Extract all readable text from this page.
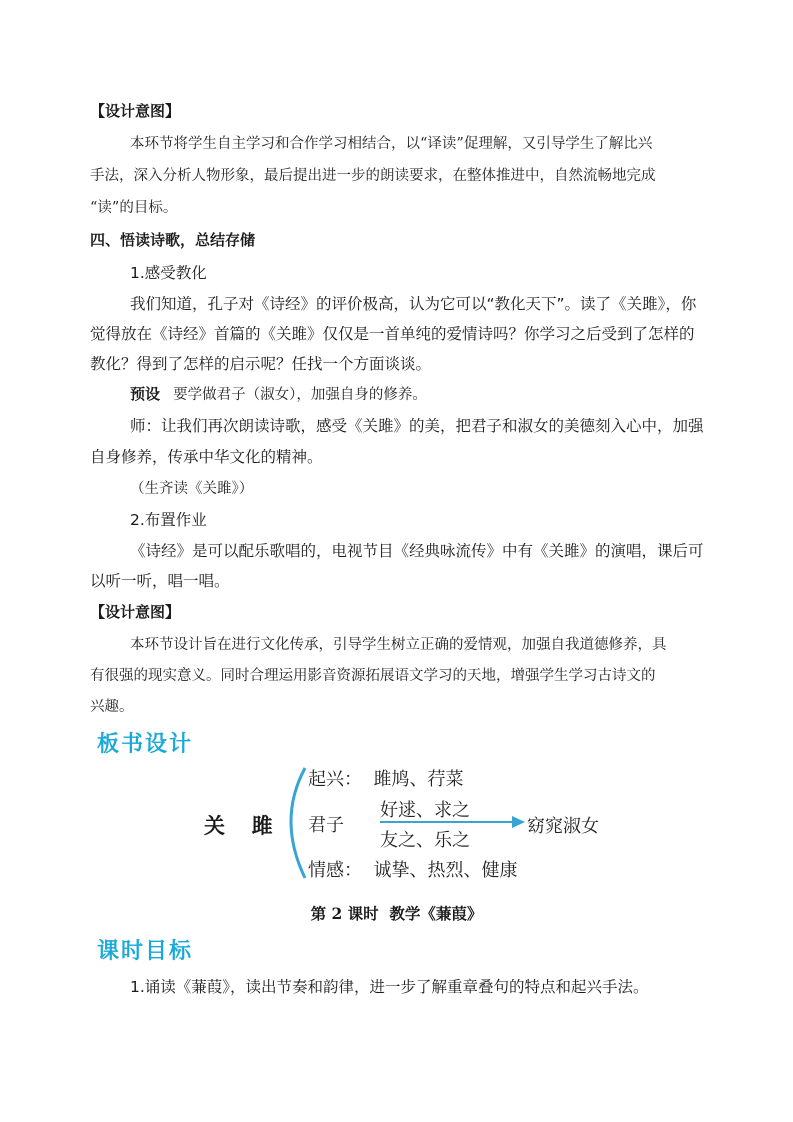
【设计意图】
本环节将学生自主学习和合作学习相结合，以“译读”促理解，又引导学生了解比兴
手法，深入分析人物形象，最后提出进一步的朗读要求，在整体推进中，自然流畅地完成
“读”的目标。
四、悟读诗歌，总结存储
1.感受教化
我们知道，孔子对《诗经》的评价极高，认为它可以“教化天下”。读了《关雎》，你
觉得放在《诗经》首篇的《关雎》仅仅是一首单纯的爱情诗吗？你学习之后受到了怎样的
教化？得到了怎样的启示呢？任找一个方面谈谈。
预设 要学做君子（淑女），加强自身的修养。
师：让我们再次朗读诗歌，感受《关雎》的美，把君子和淑女的美德刻入心中，加强
自身修养，传承中华文化的精神。
（生齐读《关雎》）
2.布置作业
《诗经》是可以配乐歌唱的，电视节目《经典咏流传》中有《关雎》的演唱，课后可
以听一听，唱一唱。
【设计意图】
本环节设计旨在进行文化传承，引导学生树立正确的爱情观，加强自我道德修养，具
有很强的现实意义。同时合理运用影音资源拓展语文学习的天地，增强学生学习古诗文的
兴趣。
板书设计
关  雎
起兴：  雎鸠、荇菜
君子
好逑、求之
友之、乐之
窈窕淑女
情感：  诚挚、热烈、健康
第 2 课时  教学《蒹葭》
课时目标
1.诵读《蒹葭》，读出节奏和韵律，进一步了解重章叠句的特点和起兴手法。
